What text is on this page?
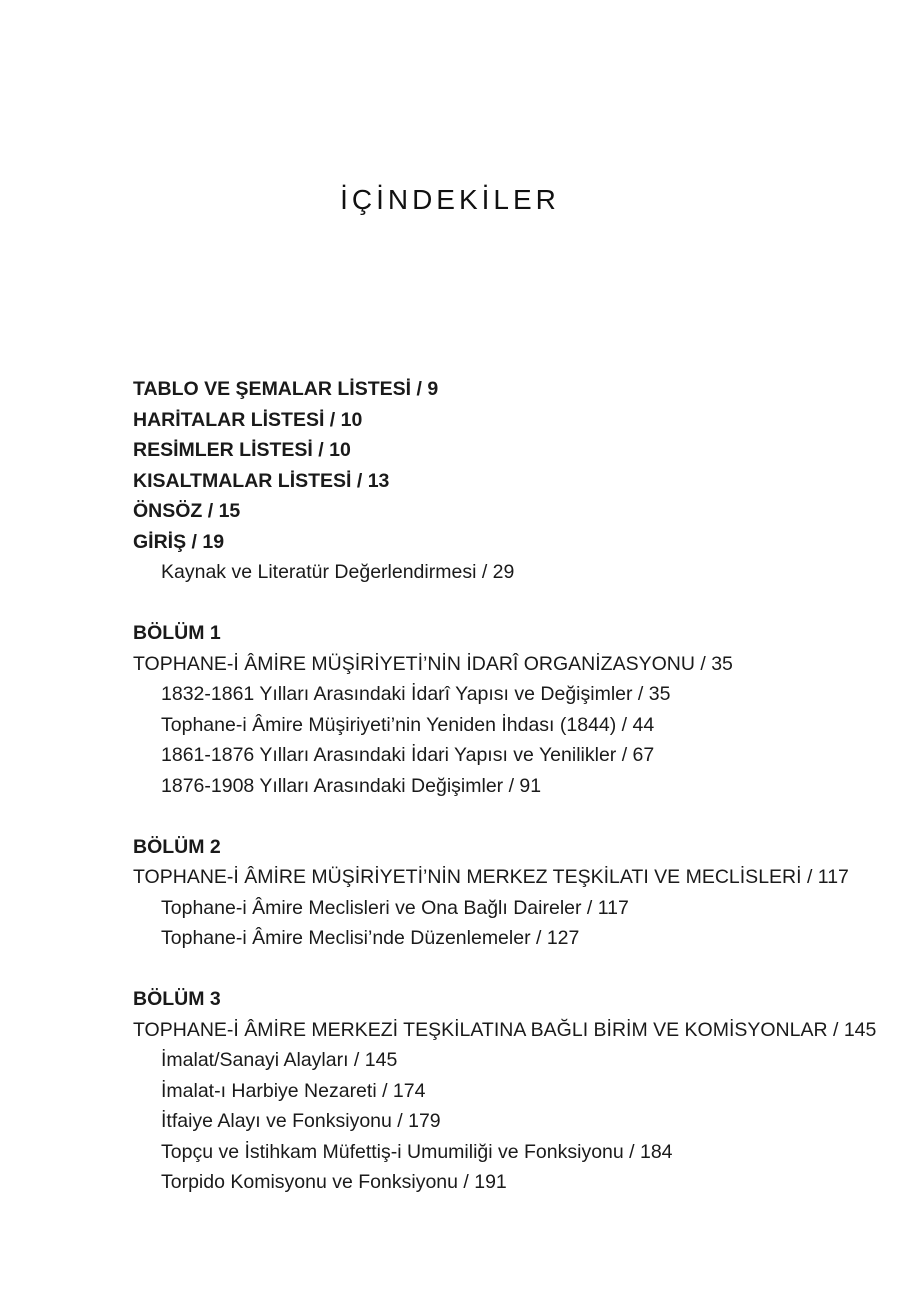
İÇİNDEKİLER
TABLO VE ŞEMALAR LİSTESİ / 9
HARİTALAR LİSTESİ / 10
RESİMLER LİSTESİ / 10
KISALTMALAR LİSTESİ / 13
ÖNSÖZ / 15
GİRİŞ / 19
Kaynak ve Literatür Değerlendirmesi / 29
BÖLÜM 1
TOPHANE-İ ÂMİRE MÜŞİRİYETİ’NİN İDARÎ ORGANİZASYONU / 35
1832-1861 Yılları Arasındaki İdarî Yapısı ve Değişimler / 35
Tophane-i Âmire Müşiriyeti’nin Yeniden İhdası (1844) / 44
1861-1876 Yılları Arasındaki İdari Yapısı ve Yenilikler / 67
1876-1908 Yılları Arasındaki Değişimler / 91
BÖLÜM 2
TOPHANE-İ ÂMİRE MÜŞİRİYETİ’NİN MERKEZ TEŞKİLATI VE MECLİSLERİ / 117
Tophane-i Âmire Meclisleri ve Ona Bağlı Daireler / 117
Tophane-i Âmire Meclisi’nde Düzenlemeler / 127
BÖLÜM 3
TOPHANE-İ ÂMİRE MERKEZİ TEŞKİLATINA BAĞLI BİRİM VE KOMİSYONLAR / 145
İmalat/Sanayi Alayları / 145
İmalat-ı Harbiye Nezareti / 174
İtfaiye Alayı ve Fonksiyonu / 179
Topçu ve İstihkam Müfettiş-i Umumiliği ve Fonksiyonu / 184
Torpido Komisyonu ve Fonksiyonu / 191
